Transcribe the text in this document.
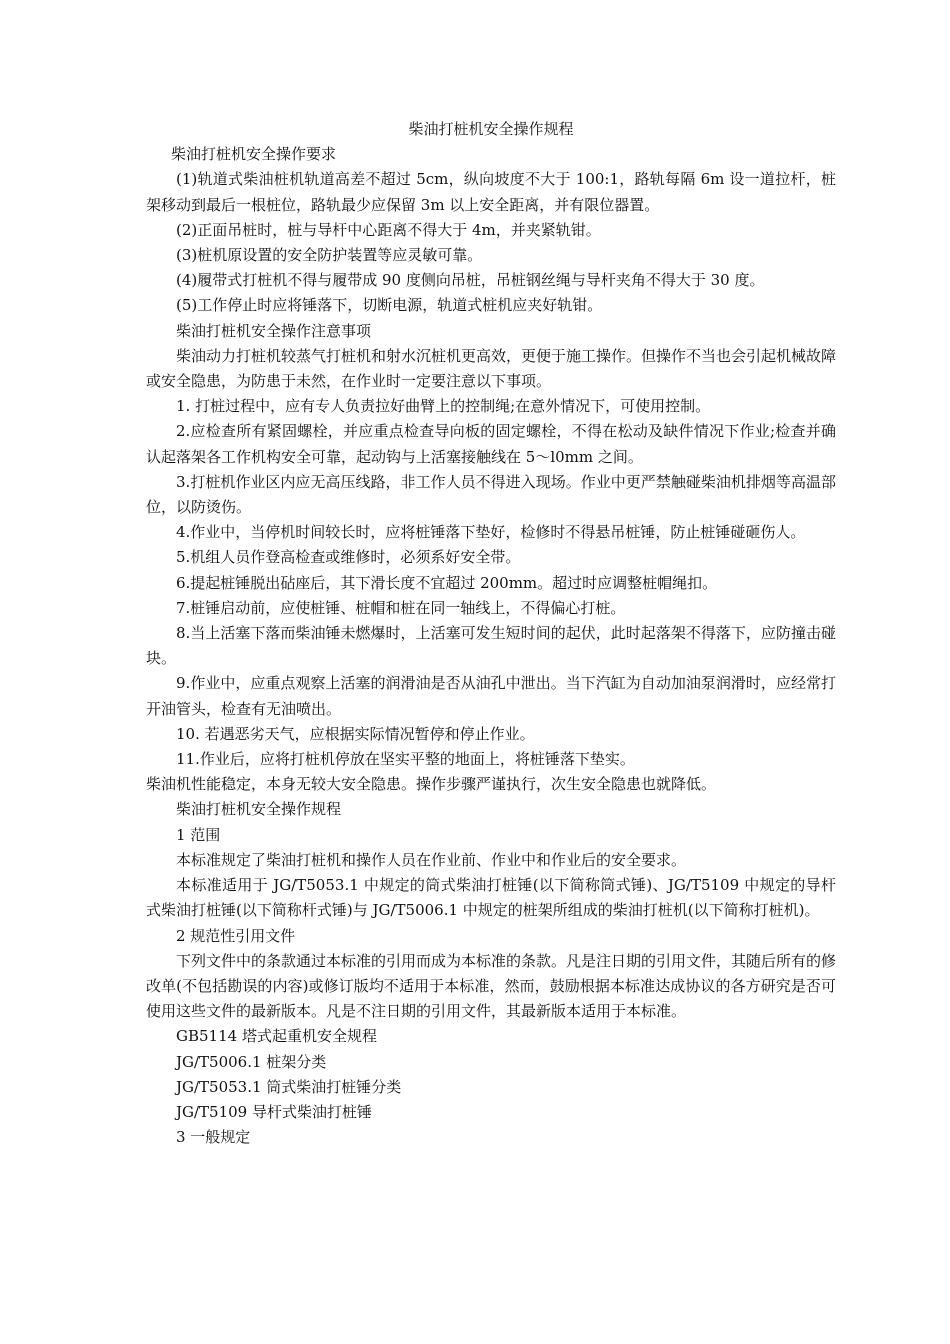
柴油打桩机安全操作规程

柴油打桩机安全操作要求

(1)轨道式柴油桩机轨道高差不超过 5cm，纵向坡度不大于 100:1，路轨每隔 6m 设一道拉杆，桩架移动到最后一根桩位，路轨最少应保留 3m 以上安全距离，并有限位器置。

(2)正面吊桩时，桩与导杆中心距离不得大于 4m，并夹紧轨钳。

(3)桩机原设置的安全防护装置等应灵敏可靠。

(4)履带式打桩机不得与履带成 90 度侧向吊桩，吊桩钢丝绳与导杆夹角不得大于 30 度。

(5)工作停止时应将锤落下，切断电源，轨道式桩机应夹好轨钳。

柴油打桩机安全操作注意事项

柴油动力打桩机较蒸气打桩机和射水沉桩机更高效，更便于施工操作。但操作不当也会引起机械故障或安全隐患，为防患于未然，在作业时一定要注意以下事项。

1. 打桩过程中，应有专人负责拉好曲臂上的控制绳;在意外情况下，可使用控制。

2.应检查所有紧固螺栓，并应重点检查导向板的固定螺栓，不得在松动及缺件情况下作业;检查并确认起落架各工作机构安全可靠，起动钩与上活塞接触线在 5～l0mm 之间。

3.打桩机作业区内应无高压线路，非工作人员不得进入现场。作业中更严禁触碰柴油机排烟等高温部位，以防烫伤。

4.作业中，当停机时间较长时，应将桩锤落下垫好，检修时不得悬吊桩锤，防止桩锤碰砸伤人。

5.机组人员作登高检查或维修时，必须系好安全带。

6.提起桩锤脱出砧座后，其下滑长度不宜超过 200mm。超过时应调整桩帽绳扣。

7.桩锤启动前，应使桩锤、桩帽和桩在同一轴线上，不得偏心打桩。

8.当上活塞下落而柴油锤未燃爆时，上活塞可发生短时间的起伏，此时起落架不得落下，应防撞击碰块。

9.作业中，应重点观察上活塞的润滑油是否从油孔中泄出。当下汽缸为自动加油泵润滑时，应经常打开油管头，检查有无油喷出。

10. 若遇恶劣天气，应根据实际情况暂停和停止作业。

11.作业后，应将打桩机停放在坚实平整的地面上，将桩锤落下垫实。

柴油机性能稳定，本身无较大安全隐患。操作步骤严谨执行，次生安全隐患也就降低。

柴油打桩机安全操作规程

1 范围

本标准规定了柴油打桩机和操作人员在作业前、作业中和作业后的安全要求。

本标准适用于 JG/T5053.1 中规定的筒式柴油打桩锤(以下简称筒式锤)、JG/T5109 中规定的导杆式柴油打桩锤(以下简称杆式锤)与 JG/T5006.1 中规定的桩架所组成的柴油打桩机(以下简称打桩机)。

2 规范性引用文件

下列文件中的条款通过本标准的引用而成为本标准的条款。凡是注日期的引用文件，其随后所有的修改单(不包括勘误的内容)或修订版均不适用于本标准，然而，鼓励根据本标准达成协议的各方研究是否可使用这些文件的最新版本。凡是不注日期的引用文件，其最新版本适用于本标准。

GB5114 塔式起重机安全规程

JG/T5006.1 桩架分类

JG/T5053.1 筒式柴油打桩锤分类

JG/T5109 导杆式柴油打桩锤

3 一般规定
